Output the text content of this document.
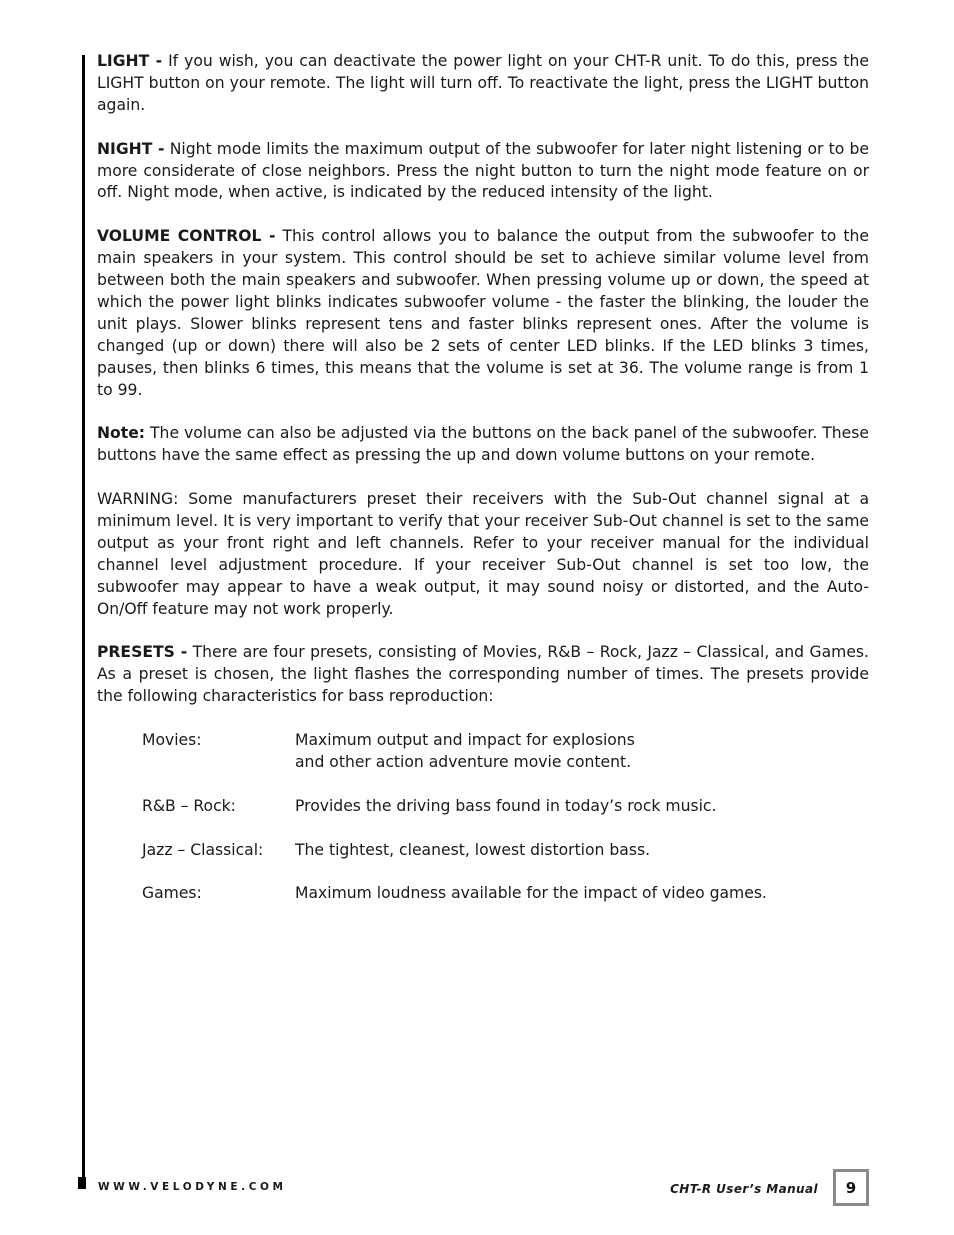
LIGHT - If you wish, you can deactivate the power light on your CHT-R unit. To do this, press the LIGHT button on your remote. The light will turn off. To reactivate the light, press the LIGHT button again.

NIGHT - Night mode limits the maximum output of the subwoofer for later night listening or to be more considerate of close neighbors. Press the night button to turn the night mode feature on or off. Night mode, when active, is indicated by the reduced intensity of the light.

VOLUME CONTROL - This control allows you to balance the output from the subwoofer to the main speakers in your system. This control should be set to achieve similar volume level from between both the main speakers and subwoofer. When pressing volume up or down, the speed at which the power light blinks indicates subwoofer volume - the faster the blinking, the louder the unit plays. Slower blinks represent tens and faster blinks represent ones. After the volume is changed (up or down) there will also be 2 sets of center LED blinks. If the LED blinks 3 times, pauses, then blinks 6 times, this means that the volume is set at 36. The volume range is from 1 to 99.

Note: The volume can also be adjusted via the buttons on the back panel of the subwoofer. These buttons have the same effect as pressing the up and down volume buttons on your remote.

WARNING: Some manufacturers preset their receivers with the Sub-Out channel signal at a minimum level. It is very important to verify that your receiver Sub-Out channel is set to the same output as your front right and left channels. Refer to your receiver manual for the individual channel level adjustment procedure. If your receiver Sub-Out channel is set too low, the subwoofer may appear to have a weak output, it may sound noisy or distorted, and the Auto-On/Off feature may not work properly.

PRESETS - There are four presets, consisting of Movies, R&B – Rock, Jazz – Classical, and Games. As a preset is chosen, the light flashes the corresponding number of times. The presets provide the following characteristics for bass reproduction:

Movies:	Maximum output and impact for explosions
and other action adventure movie content.
R&B – Rock:	Provides the driving bass found in today’s rock music.
Jazz – Classical:	The tightest, cleanest, lowest distortion bass.
Games:	Maximum loudness available for the impact of video games.
WWW.VELODYNE.COM	CHT-R User’s Manual 9
